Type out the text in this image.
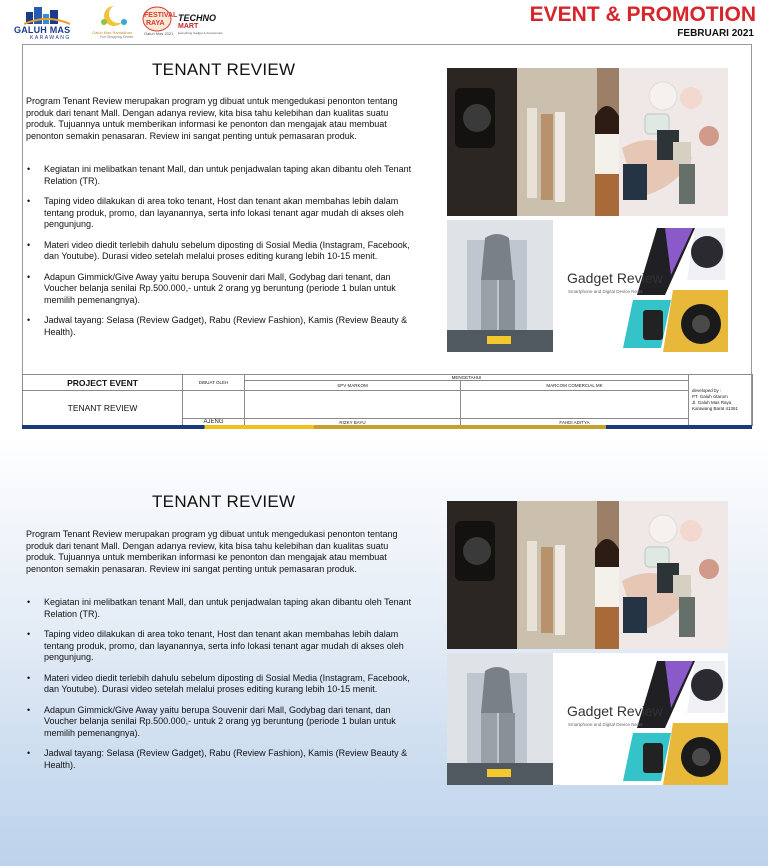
GALUH MAS
KARAWANG
Galuh Mas Ramadhan
Fun Shopping Center
FESTIVAL
RAYA
Galuh Mas 2021
TECHNO
MART
Everything Gadget & Accessories
EVENT & PROMOTION
FEBRUARI 2021
TENANT REVIEW

Program Tenant Review merupakan program yg dibuat untuk mengedukasi penonton tentang produk dari tenant Mall. Dengan adanya review, kita bisa tahu kelebihan dan kualitas suatu produk. Tujuannya untuk memberikan informasi ke penonton dan mengajak atau membuat penonton semakin penasaran. Review ini sangat penting untuk pemasaran produk.

• Kegiatan ini melibatkan tenant Mall, dan untuk penjadwalan taping akan dibantu oleh Tenant Relation (TR).
• Taping video dilakukan di area toko tenant, Host dan tenant akan membahas lebih dalam tentang produk, promo, dan layanannya, serta info lokasi tenant agar mudah di akses oleh pengunjung.
• Materi video diedit terlebih dahulu sebelum diposting di Sosial Media (Instagram, Facebook, dan Youtube). Durasi video setelah melalui proses editing kurang lebih 10-15 menit.
• Adapun Gimmick/Give Away yaitu berupa Souvenir dari Mall, Godybag dari tenant, dan Voucher belanja senilai Rp.500.000,- untuk 2 orang yg beruntung (periode 1 bulan untuk memilih pemenangnya).
• Jadwal tayang: Selasa (Review Gadget), Rabu (Review Fashion), Kamis (Review Beauty & Health).
Gadget Review
Smartphone and Digital Device News
PROJECT EVENT	DIBUAT OLEH	MENGETAHUI		developed by :
PT. Galuh citarum
Jl. Galuh Mas Raya
Karawang Barat 41361
		SPV MARKOM	MARCOM COMERCIAL MK	
TENANT REVIEW				
	AJENG	RIZKY BAYU	FAHDI ADITYA	
TENANT REVIEW

Program Tenant Review merupakan program yg dibuat untuk mengedukasi penonton tentang produk dari tenant Mall. Dengan adanya review, kita bisa tahu kelebihan dan kualitas suatu produk. Tujuannya untuk memberikan informasi ke penonton dan mengajak atau membuat penonton semakin penasaran. Review ini sangat penting untuk pemasaran produk.

• Kegiatan ini melibatkan tenant Mall, dan untuk penjadwalan taping akan dibantu oleh Tenant Relation (TR).
• Taping video dilakukan di area toko tenant, Host dan tenant akan membahas lebih dalam tentang produk, promo, dan layanannya, serta info lokasi tenant agar mudah di akses oleh pengunjung.
• Materi video diedit terlebih dahulu sebelum diposting di Sosial Media (Instagram, Facebook, dan Youtube). Durasi video setelah melalui proses editing kurang lebih 10-15 menit.
• Adapun Gimmick/Give Away yaitu berupa Souvenir dari Mall, Godybag dari tenant, dan Voucher belanja senilai Rp.500.000,- untuk 2 orang yg beruntung (periode 1 bulan untuk memilih pemenangnya).
• Jadwal tayang: Selasa (Review Gadget), Rabu (Review Fashion), Kamis (Review Beauty & Health).
Gadget Review
Smartphone and Digital Device News
